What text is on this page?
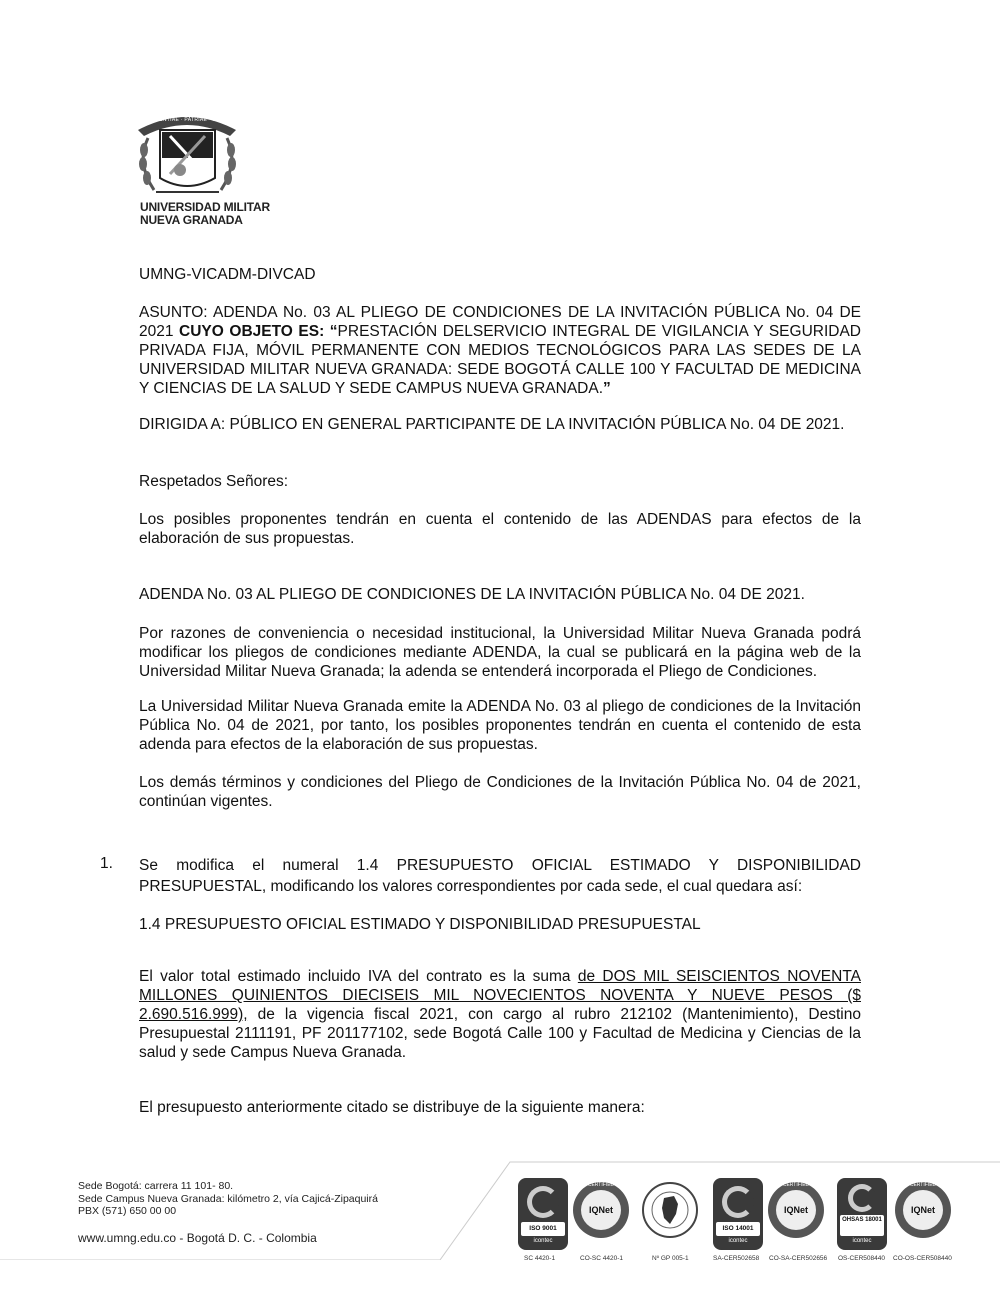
SCIENTIAE · PATRIAE · FAMILIAE
UNIVERSIDAD MILITAR
NUEVA GRANADA
UMNG-VICADM-DIVCAD

ASUNTO: ADENDA No. 03 AL PLIEGO DE CONDICIONES DE LA INVITACIÓN PÚBLICA No. 04 DE 2021 CUYO OBJETO ES: “PRESTACIÓN DELSERVICIO INTEGRAL DE VIGILANCIA Y SEGURIDAD PRIVADA FIJA, MÓVIL PERMANENTE CON MEDIOS TECNOLÓGICOS PARA LAS SEDES DE LA UNIVERSIDAD MILITAR NUEVA GRANADA: SEDE BOGOTÁ CALLE 100 Y FACULTAD DE MEDICINA Y CIENCIAS DE LA SALUD Y SEDE CAMPUS NUEVA GRANADA.”

DIRIGIDA A: PÚBLICO EN GENERAL PARTICIPANTE DE LA INVITACIÓN PÚBLICA No. 04 DE 2021.

Respetados Señores:

Los posibles proponentes tendrán en cuenta el contenido de las ADENDAS para efectos de la elaboración de sus propuestas.

ADENDA No. 03 AL PLIEGO DE CONDICIONES DE LA INVITACIÓN PÚBLICA No. 04 DE 2021.

Por razones de conveniencia o necesidad institucional, la Universidad Militar Nueva Granada podrá modificar los pliegos de condiciones mediante ADENDA, la cual se publicará en la página web de la Universidad Militar Nueva Granada; la adenda se entenderá incorporada el Pliego de Condiciones.

La Universidad Militar Nueva Granada emite la ADENDA No. 03 al pliego de condiciones de la Invitación Pública No. 04 de 2021, por tanto, los posibles proponentes tendrán en cuenta el contenido de esta adenda para efectos de la elaboración de sus propuestas.

Los demás términos y condiciones del Pliego de Condiciones de la Invitación Pública No. 04 de 2021, continúan vigentes.

1. Se modifica el numeral 1.4 PRESUPUESTO OFICIAL ESTIMADO Y DISPONIBILIDAD PRESUPUESTAL, modificando los valores correspondientes por cada sede, el cual quedara así:

1.4 PRESUPUESTO OFICIAL ESTIMADO Y DISPONIBILIDAD PRESUPUESTAL

El valor total estimado incluido IVA del contrato es la suma de DOS MIL SEISCIENTOS NOVENTA MILLONES QUINIENTOS DIECISEIS MIL NOVECIENTOS NOVENTA Y NUEVE PESOS ($ 2.690.516.999), de la vigencia fiscal 2021, con cargo al rubro 212102 (Mantenimiento), Destino Presupuestal 2111191, PF 201177102, sede Bogotá Calle 100 y Facultad de Medicina y Ciencias de la salud y sede Campus Nueva Granada.

El presupuesto anteriormente citado se distribuye de la siguiente manera:

Sede Bogotá: carrera 11 101- 80.
Sede Campus Nueva Granada: kilómetro 2, vía Cajicá-Zipaquirá
PBX (571) 650 00 00
www.umng.edu.co - Bogotá D. C. - Colombia
ISO 9001
icontec
SC 4420-1
IQNet
CERTIFIED
CO-SC 4420-1	Nº GP 005-1
ISO 14001
icontec
SA-CER502658
IQNet
CERTIFIED
CO-SA-CER502656
OHSAS 18001
icontec
OS-CER508440
IQNet
CERTIFIED
CO-OS-CER508440
